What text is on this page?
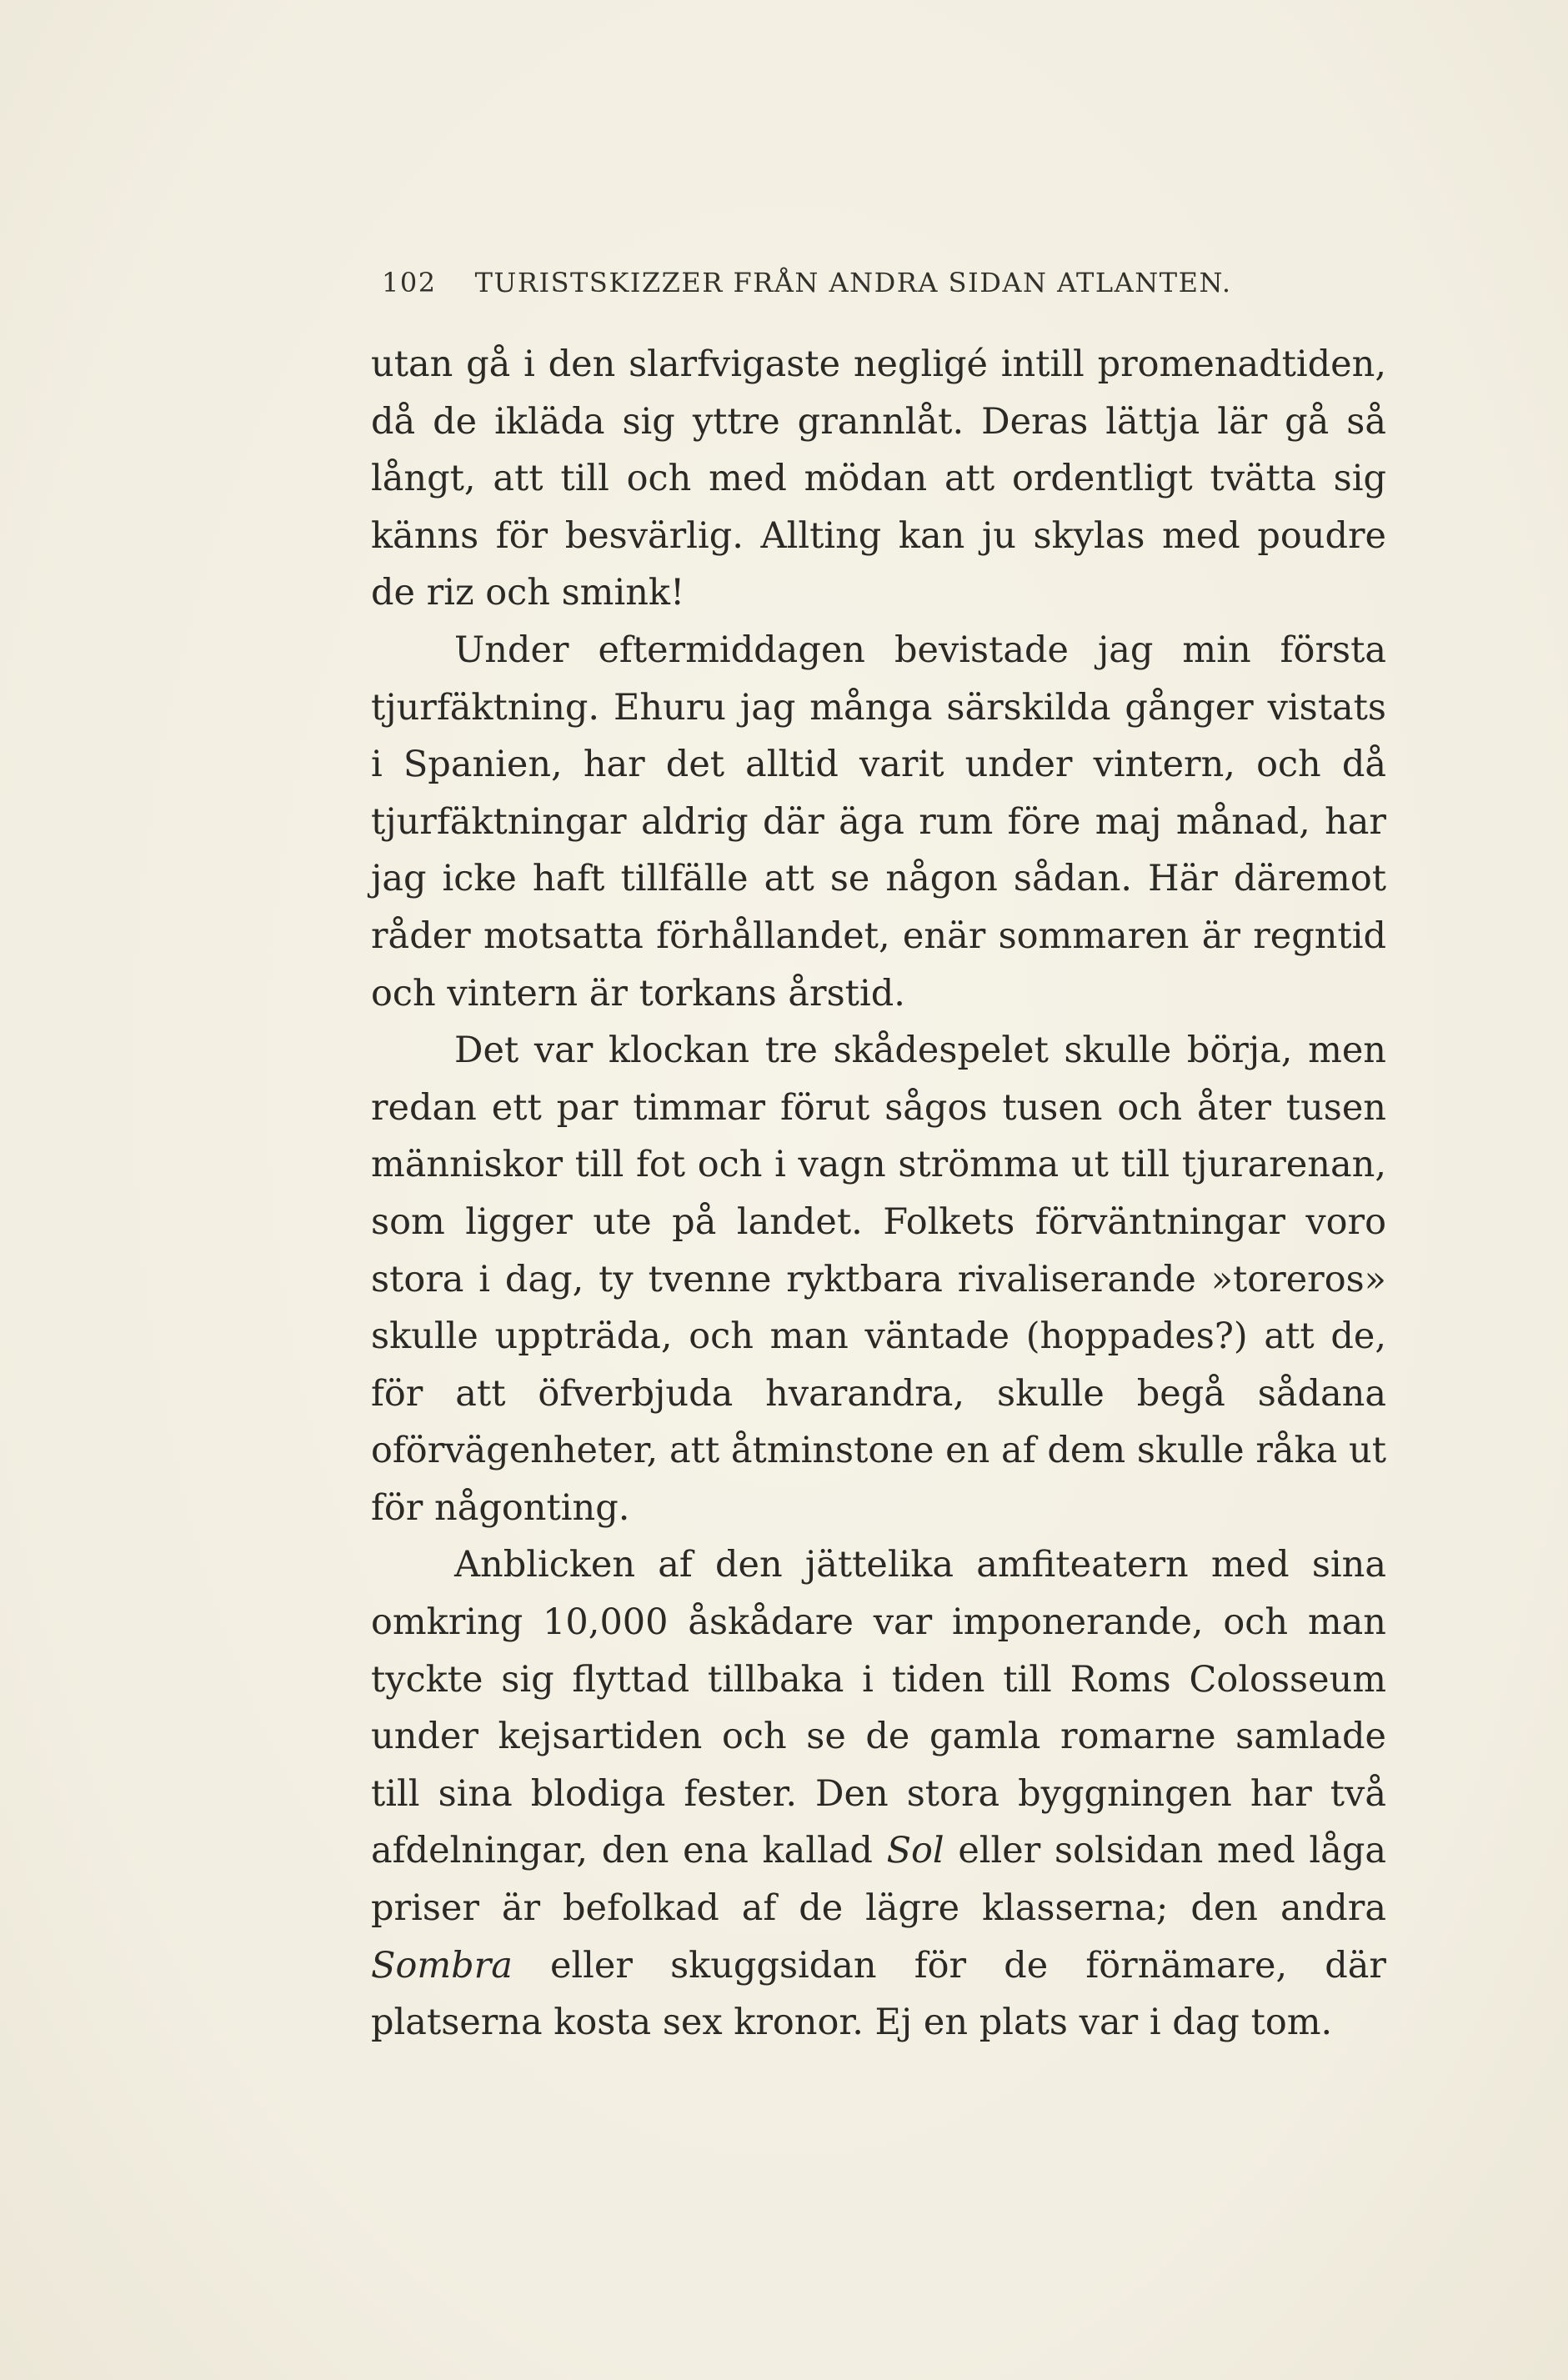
102 TURISTSKIZZER FRÅN ANDRA SIDAN ATLANTEN.

utan gå i den slarfvigaste negligé intill promenadtiden, då de ikläda sig yttre grannlåt. Deras lättja lär gå så långt, att till och med mödan att ordentligt tvätta sig känns för besvärlig. Allting kan ju skylas med poudre de riz och smink!

Under eftermiddagen bevistade jag min första tjurfäktning. Ehuru jag många särskilda gånger vistats i Spanien, har det alltid varit under vintern, och då tjurfäktningar aldrig där äga rum före maj månad, har jag icke haft tillfälle att se någon sådan. Här däremot råder motsatta förhållandet, enär sommaren är regntid och vintern är torkans årstid.

Det var klockan tre skådespelet skulle börja, men redan ett par timmar förut sågos tusen och åter tusen människor till fot och i vagn strömma ut till tjurarenan, som ligger ute på landet. Folkets förväntningar voro stora i dag, ty tvenne ryktbara rivaliserande »toreros» skulle uppträda, och man väntade (hoppades?) att de, för att öfverbjuda hvarandra, skulle begå sådana oförvägenheter, att åtminstone en af dem skulle råka ut för någonting.

Anblicken af den jättelika amfiteatern med sina omkring 10,000 åskådare var imponerande, och man tyckte sig flyttad tillbaka i tiden till Roms Colosseum under kejsartiden och se de gamla romarne samlade till sina blodiga fester. Den stora byggningen har två afdelningar, den ena kallad Sol eller solsidan med låga priser är befolkad af de lägre klasserna; den andra Sombra eller skuggsidan för de förnämare, där platserna kosta sex kronor. Ej en plats var i dag tom.
